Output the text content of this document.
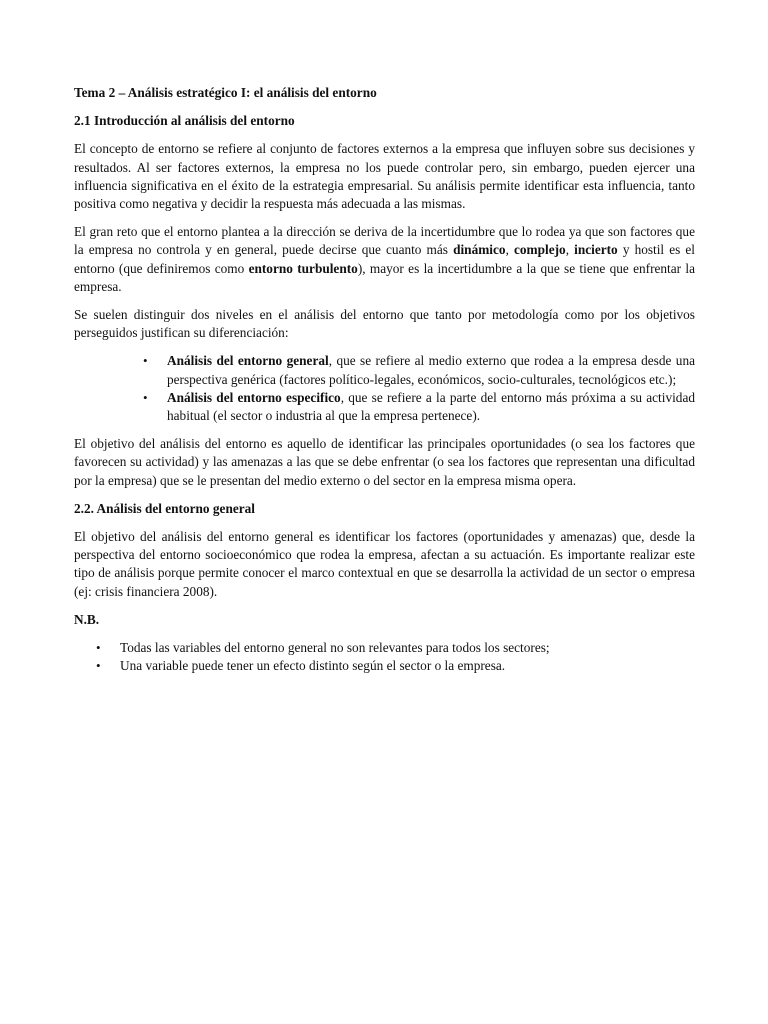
Tema 2 – Análisis estratégico I: el análisis del entorno
2.1 Introducción al análisis del entorno

El concepto de entorno se refiere al conjunto de factores externos a la empresa que influyen sobre sus decisiones y resultados. Al ser factores externos, la empresa no los puede controlar pero, sin embargo, pueden ejercer una influencia significativa en el éxito de la estrategia empresarial. Su análisis permite identificar esta influencia, tanto positiva como negativa y decidir la respuesta más adecuada a las mismas.

El gran reto que el entorno plantea a la dirección se deriva de la incertidumbre que lo rodea ya que son factores que la empresa no controla y en general, puede decirse que cuanto más dinámico, complejo, incierto y hostil es el entorno (que definiremos como entorno turbulento), mayor es la incertidumbre a la que se tiene que enfrentar la empresa.

Se suelen distinguir dos niveles en el análisis del entorno que tanto por metodología como por los objetivos perseguidos justifican su diferenciación:

• Análisis del entorno general, que se refiere al medio externo que rodea a la empresa desde una perspectiva genérica (factores político-legales, económicos, socio-culturales, tecnológicos etc.);
• Análisis del entorno especifico, que se refiere a la parte del entorno más próxima a su actividad habitual (el sector o industria al que la empresa pertenece).

El objetivo del análisis del entorno es aquello de identificar las principales oportunidades (o sea los factores que favorecen su actividad) y las amenazas a las que se debe enfrentar (o sea los factores que representan una dificultad por la empresa) que se le presentan del medio externo o del sector en la empresa misma opera.

2.2. Análisis del entorno general

El objetivo del análisis del entorno general es identificar los factores (oportunidades y amenazas) que, desde la perspectiva del entorno socioeconómico que rodea la empresa, afectan a su actuación. Es importante realizar este tipo de análisis porque permite conocer el marco contextual en que se desarrolla la actividad de un sector o empresa (ej: crisis financiera 2008).

N.B.
• Todas las variables del entorno general no son relevantes para todos los sectores;
• Una variable puede tener un efecto distinto según el sector o la empresa.
